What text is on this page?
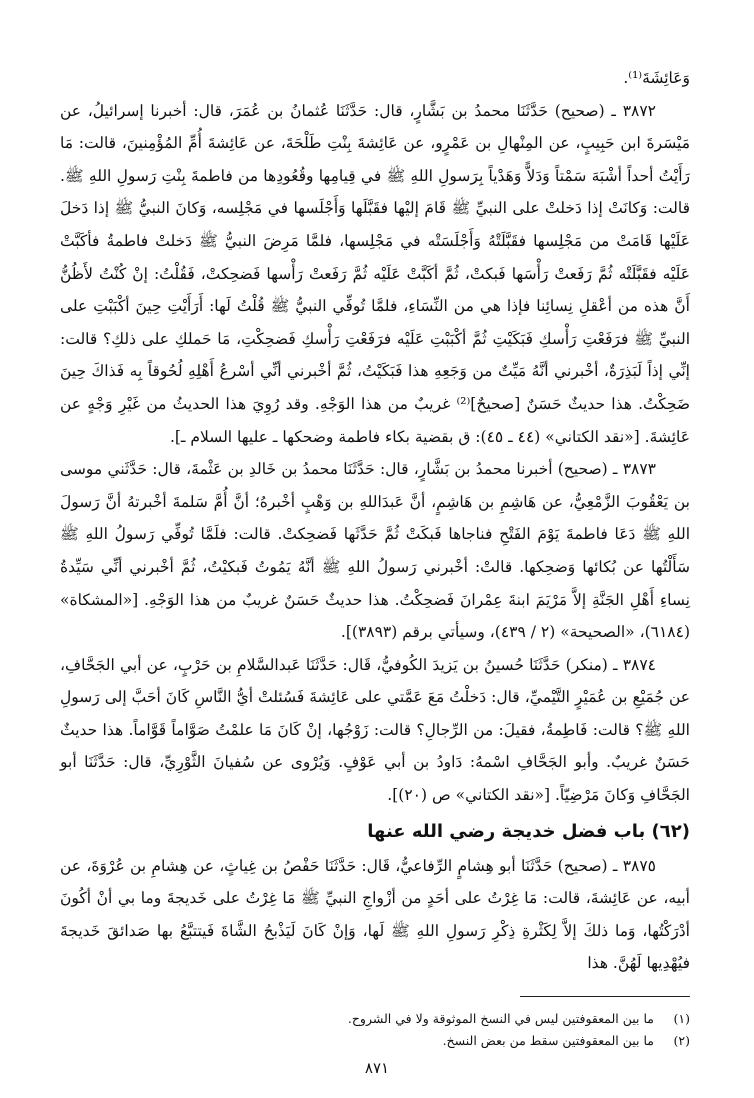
وَعَائِشَةَ⁽¹⁾.

٣٨٧٢ ـ (صحيح) حَدَّثَنَا محمدُ بن بَشَّارٍ، قال: حَدَّثَنَا عُثمانُ بن عُمَرَ، قال: أخبرنا إسرائيلُ، عن مَيْسَرةَ ابن حَبِيبٍ، عن المِنْهالِ بن عَمْرٍو، عن عَائِشةَ بِنْتِ طَلْحَةَ، عن عَائِشةَ أُمِّ المُؤْمِنينَ، قالت: مَا رَأَيْتُ أحداً أشْبَهَ سَمْتاً وَدَلاًّ وَهَدْياً بِرَسولِ اللهِ ﷺ في قِيامِها وقُعُودِها من فاطمةَ بِنْتِ رَسولِ اللهِ ﷺ. قالت: وَكانَتْ إذا دَخلتْ على النبيِّ ﷺ قَامَ إليْها فقَبَّلَها وَأَجْلَسها في مَجْلِسه، وَكانَ النبيُّ ﷺ إذا دَخلَ عَلَيْها قَامَتْ من مَجْلِسها فقَبَّلَتْهُ وَأَجْلَسَتْه في مَجْلِسها، فلمَّا مَرِضَ النبيُّ ﷺ دَخلتْ فاطمةُ فأكَبَّتْ عَلَيْه فقَبَّلَتْه ثُمَّ رَفَعتْ رَأْسَها فَبكتْ، ثُمَّ أكَبَّتْ عَلَيْه ثُمَّ رَفَعتْ رَأْسها فَضحِكتْ، فَقُلْتُ: إنْ كُنْتُ لأَظُنُّ أَنَّ هذه من أعْقلِ نِسائِنا فإذا هي من النِّسَاءِ، فلمَّا تُوفِّي النبيُّ ﷺ قُلْتُ لَها: أَرَأَيْتِ حِينَ أكْبَبْتِ على النبيِّ ﷺ فرَفَعْتِ رَأْسكِ فَبَكَيْتِ ثُمَّ أكْبَبْتِ عَلَيْه فرَفَعْتِ رَأْسكِ فَضحِكْتِ، مَا حَملكِ على ذلكِ؟ قالت: إنِّي إذاً لَبَذِرَةٌ، أخْبرني أنَّهُ مَيِّتٌ من وَجَعِهِ هذا فَبَكَيْتُ، ثُمَّ أخْبرني أنِّي أسْرعُ أَهْلِهِ لُحُوقاً بِه فَذاكَ حِينَ ضَحِكْتُ. هذا حديثٌ حَسَنٌ [صحيحٌ]⁽²⁾ غريبٌ من هذا الوَجْهِ. وقد رُوِيَ هذا الحديثُ من غَيْرِ وَجْهٍ عن عَائِشةَ. [«نقد الكتاني» (٤٤ ـ ٤٥): ق بقضية بكاء فاطمة وضحكها ـ عليها السلام ـ].

٣٨٧٣ ـ (صحيح) أخبرنا محمدُ بن بَشَّارٍ، قال: حَدَّثَنَا محمدُ بن خَالدِ بن عَثْمةَ، قال: حَدَّثَني موسى بن يَعْقُوبَ الزَّمْعِيُّ، عن هَاشِمِ بن هَاشِمٍ، أنَّ عَبدَاللهِ بن وَهْبٍ أخْبرهُ؛ أنَّ أُمَّ سَلمةَ أخْبرتهُ أنَّ رَسولَ اللهِ ﷺ دَعَا فاطمةَ يَوْمَ الفَتْحِ فناجاها فَبكَتْ ثُمَّ حَدَّثَها فَضحِكتْ. قالت: فلَمَّا تُوفِّي رَسولُ اللهِ ﷺ سَأَلْتُها عن بُكائها وَضحِكها. قالتْ: أخْبرني رَسولُ اللهِ ﷺ أنَّهُ يَمُوتُ فَبكيْتُ، ثُمَّ أخْبرني أنِّي سَيِّدةُ نِساءِ أَهْلِ الجَنَّةِ إلاَّ مَرْيَمَ ابنةَ عِمْرانَ فَضحِكْتُ. هذا حديثٌ حَسَنٌ غريبٌ من هذا الوَجْهِ. [«المشكاة» (٦١٨٤)، «الصحيحة» (٢ / ٤٣٩)، وسيأتي برقم (٣٨٩٣)].

٣٨٧٤ ـ (منكر) حَدَّثَنَا حُسينُ بن يَزيدَ الكُوفيُّ، قَال: حَدَّثَنَا عَبدالسَّلامِ بن حَرْبٍ، عن أبي الجَحَّافِ، عن جُمَيْعِ بن عُمَيْرٍ التَّيْميِّ، قال: دَخلْتُ مَعَ عَمَّتي على عَائِشةَ فَسُئلتْ أيُّ النَّاسِ كَانَ أحَبَّ إلى رَسولِ اللهِ ﷺ؟ قالت: فَاطِمةُ، فقيلَ: من الرِّجالِ؟ قالت: زَوْجُها، إنْ كَانَ مَا علمْتُ صَوَّاماً قَوَّاماً. هذا حديثٌ حَسَنٌ غريبٌ. وأبو الجَحَّافِ اسْمهُ: دَاودُ بن أبي عَوْفٍ. وَيُرْوى عن سُفيانَ الثَّوْرِيِّ، قال: حَدَّثَنَا أبو الجَحَّافِ وَكانَ مَرْضِيّاً. [«نقد الكتاني» ص (٢٠)].

(٦٢) باب فضل خديجة رضي الله عنها

٣٨٧٥ ـ (صحيح) حَدَّثَنَا أبو هِشامٍ الرِّفاعيُّ، قَال: حَدَّثَنَا حَفْصُ بن غِياثٍ، عن هِشامِ بن عُرْوَةَ، عن أبيه، عن عَائِشةَ، قالت: مَا غِرْتُ على أحَدٍ من أزْواجِ النبيِّ ﷺ مَا غِرْتُ على خَديجةَ وما بي أنْ أكُونَ أدْرَكْتُها، وَما ذلكَ إلاَّ لِكَثْرةِ ذِكْرِ رَسولِ اللهِ ﷺ لَها، وَإنْ كَانَ لَيَذْبحُ الشَّاةَ فَيتتبَّعُ بها صَدائقَ خَديجةَ فيُهْدِيها لَهُنَّ. هذا

(١)
ما بين المعقوفتين ليس في النسخ الموثوقة ولا في الشروح.

(٢)
ما بين المعقوفتين سقط من بعض النسخ.

٨٧١
